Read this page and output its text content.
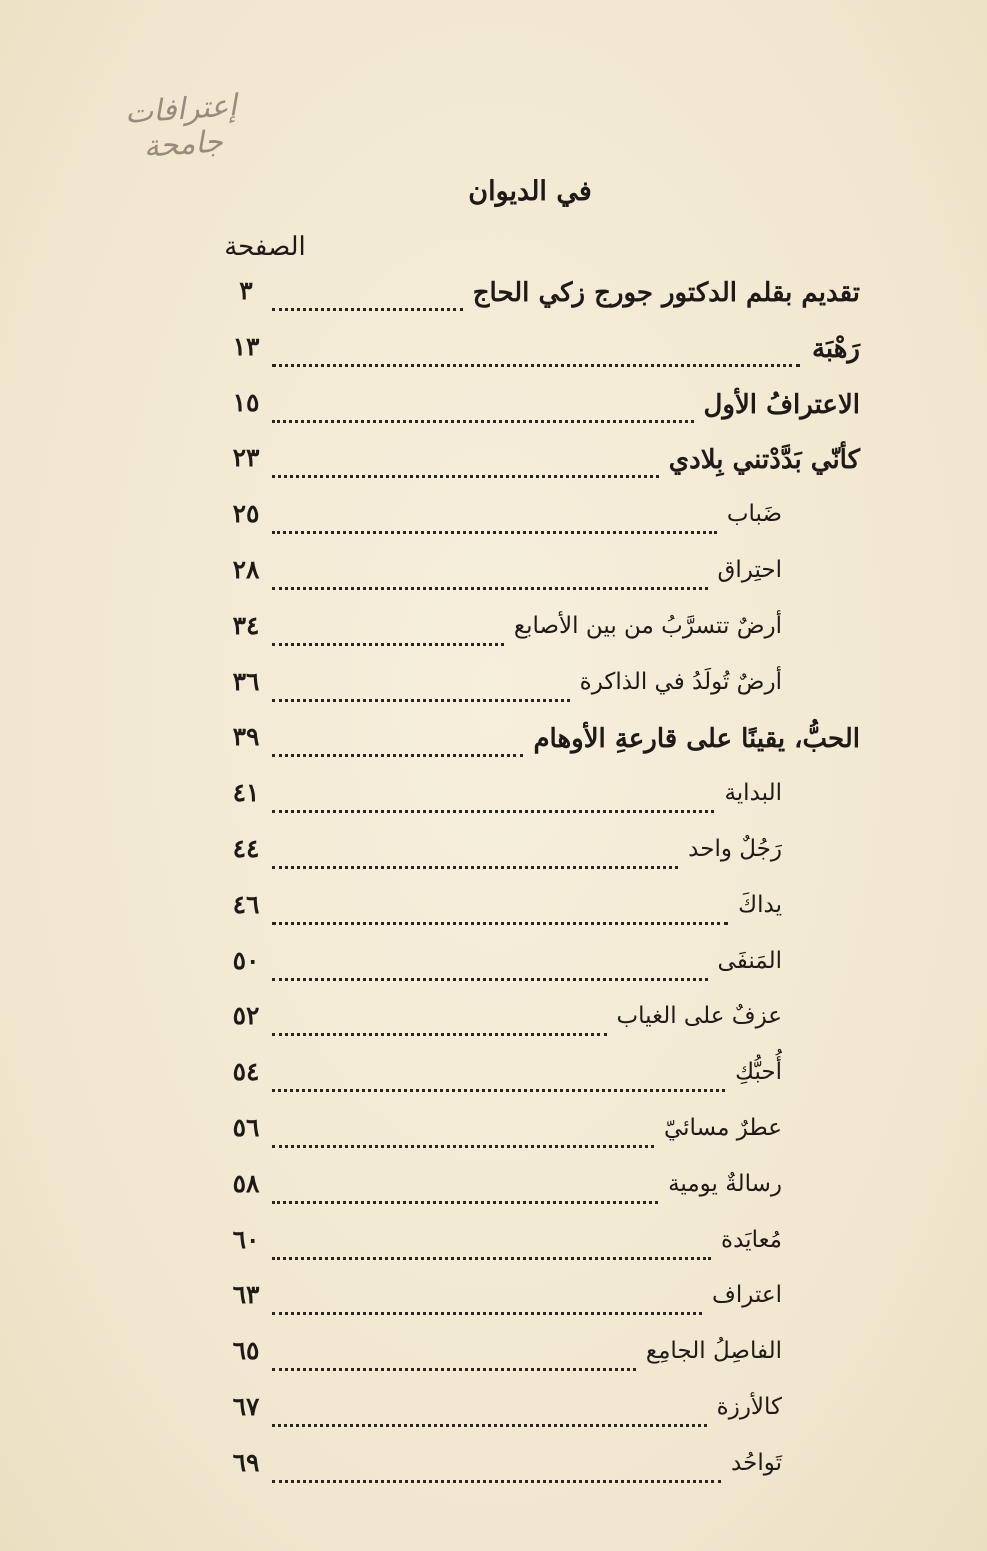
إعترافات جامحة
في الديوان
الصفحة
تقديم بقلم الدكتور جورج زكي الحاج
٣
رَهْبَة
١٣
الاعترافُ الأول
١٥
كأنّي بَدَّدْتني بِلادي
٢٣
ضَباب
٢٥
احتِراق
٢٨
أرضٌ تتسرَّبُ من بين الأصابع
٣٤
أرضٌ تُولَدُ في الذاكرة
٣٦
الحبُّ، يقينًا على قارعةِ الأوهام
٣٩
البداية
٤١
رَجُلٌ واحد
٤٤
يداكَ
٤٦
المَنفَى
٥٠
عزفٌ على الغياب
٥٢
أُحبُّكِ
٥٤
عطرٌ مسائيّ
٥٦
رسالةٌ يومية
٥٨
مُعايَدة
٦٠
اعتراف
٦٣
الفاصِلُ الجامِع
٦٥
كالأرزة
٦٧
تَواحُد
٦٩
